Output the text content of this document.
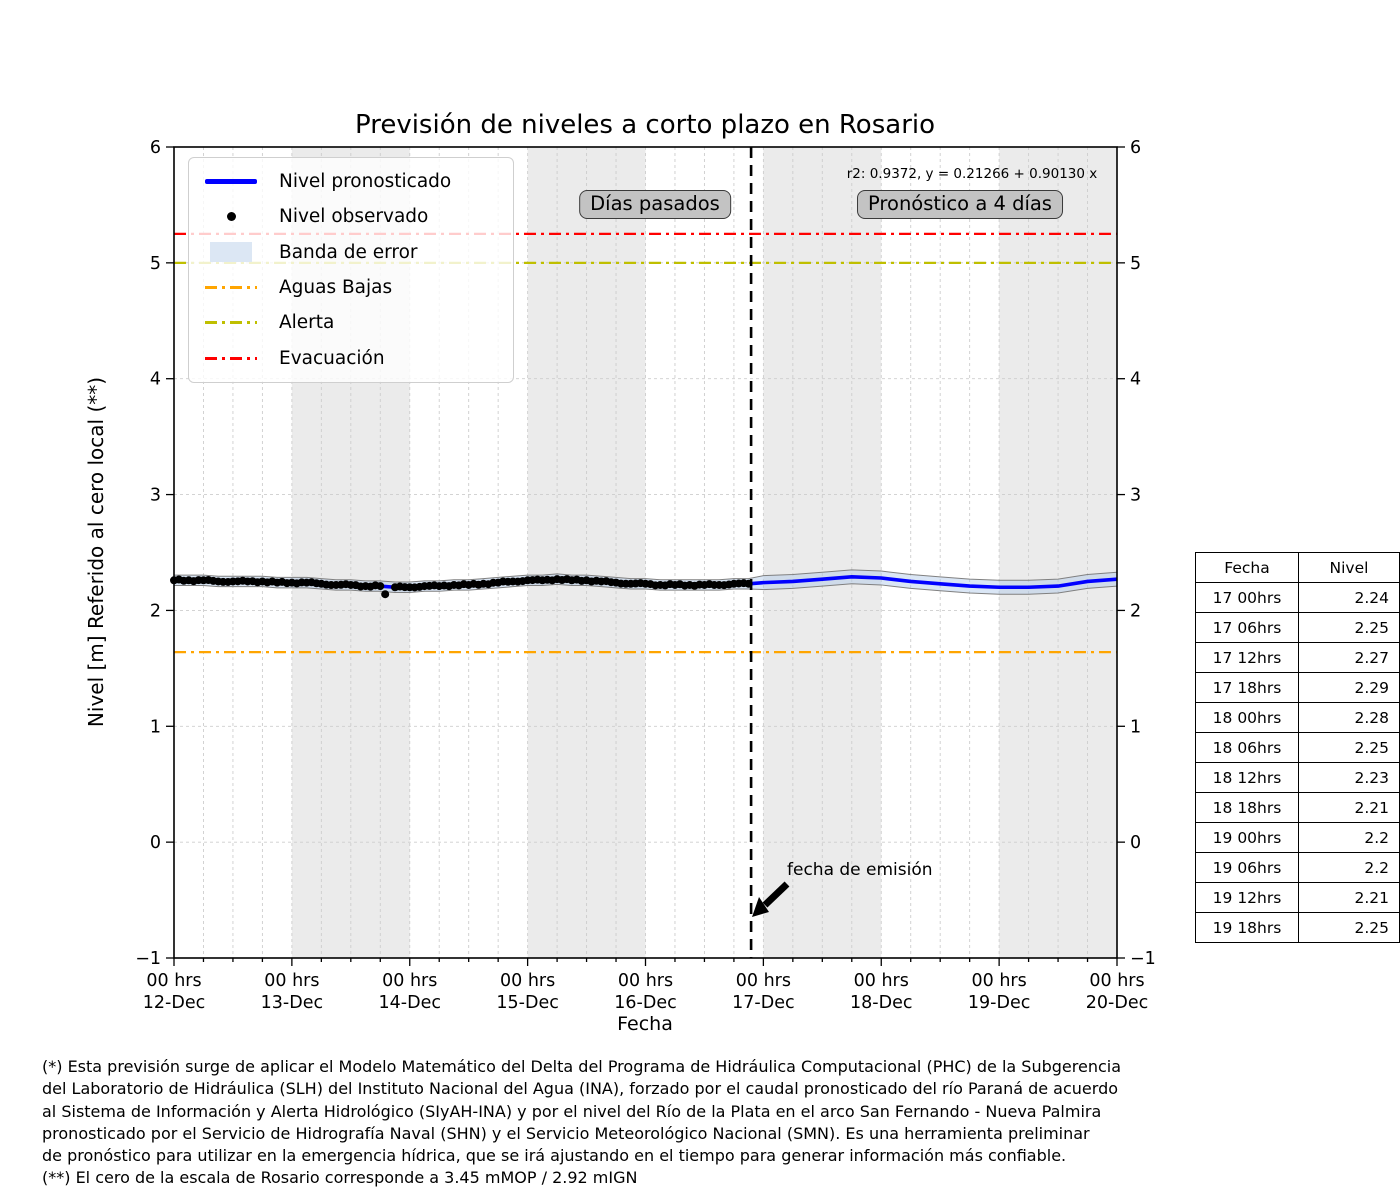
−1	−1
0	0
1	1
2	2
3	3
4	4
5	5
6	6
00 hrs
12-Dec
00 hrs
13-Dec
00 hrs
14-Dec
00 hrs
15-Dec
00 hrs
16-Dec
00 hrs
17-Dec
00 hrs
18-Dec
00 hrs
19-Dec
00 hrs
20-Dec
Previsión de niveles a corto plazo en Rosario
Nivel [m] Referido al cero local (**)
Fecha
Días pasados	Pronóstico a 4 días
r2: 0.9372, y = 0.21266 + 0.90130 x
fecha de emisión
Nivel pronosticado
Nivel observado
Banda de error
Aguas Bajas
Alerta
Evacuación
Fecha	Nivel
17 00hrs	2.24
17 06hrs	2.25
17 12hrs	2.27
17 18hrs	2.29
18 00hrs	2.28
18 06hrs	2.25
18 12hrs	2.23
18 18hrs	2.21
19 00hrs	2.2
19 06hrs	2.2
19 12hrs	2.21
19 18hrs	2.25
(*) Esta previsión surge de aplicar el Modelo Matemático del Delta del Programa de Hidráulica Computacional (PHC) de la Subgerencia
del Laboratorio de Hidráulica (SLH) del Instituto Nacional del Agua (INA), forzado por el caudal pronosticado del río Paraná de acuerdo
al Sistema de Información y Alerta Hidrológico (SIyAH-INA) y por el nivel del Río de la Plata en el arco San Fernando - Nueva Palmira
pronosticado por el Servicio de Hidrografía Naval (SHN) y el Servicio Meteorológico Nacional (SMN). Es una herramienta preliminar
de pronóstico para utilizar en la emergencia hídrica, que se irá ajustando en el tiempo para generar información más confiable.
(**) El cero de la escala de Rosario corresponde a 3.45 mMOP / 2.92 mIGN
